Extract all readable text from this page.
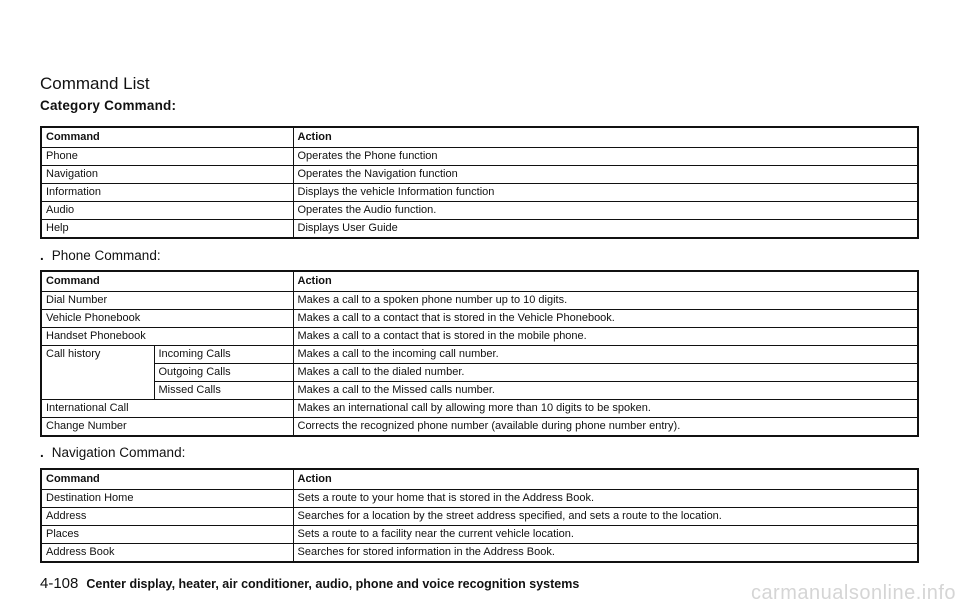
Command List
Category Command:
Command	Action
Phone	Operates the Phone function
Navigation	Operates the Navigation function
Information	Displays the vehicle Information function
Audio	Operates the Audio function.
Help	Displays User Guide
. Phone Command:
Command		Action
Dial Number		Makes a call to a spoken phone number up to 10 digits.
Vehicle Phonebook		Makes a call to a contact that is stored in the Vehicle Phonebook.
Handset Phonebook		Makes a call to a contact that is stored in the mobile phone.
Call history	Incoming Calls	Makes a call to the incoming call number.
	Outgoing Calls	Makes a call to the dialed number.
	Missed Calls	Makes a call to the Missed calls number.
International Call		Makes an international call by allowing more than 10 digits to be spoken.
Change Number		Corrects the recognized phone number (available during phone number entry).
. Navigation Command:
Command	Action
Destination Home	Sets a route to your home that is stored in the Address Book.
Address	Searches for a location by the street address specified, and sets a route to the location.
Places	Sets a route to a facility near the current vehicle location.
Address Book	Searches for stored information in the Address Book.
4-108 Center display, heater, air conditioner, audio, phone and voice recognition systems	carmanualsonline.info
